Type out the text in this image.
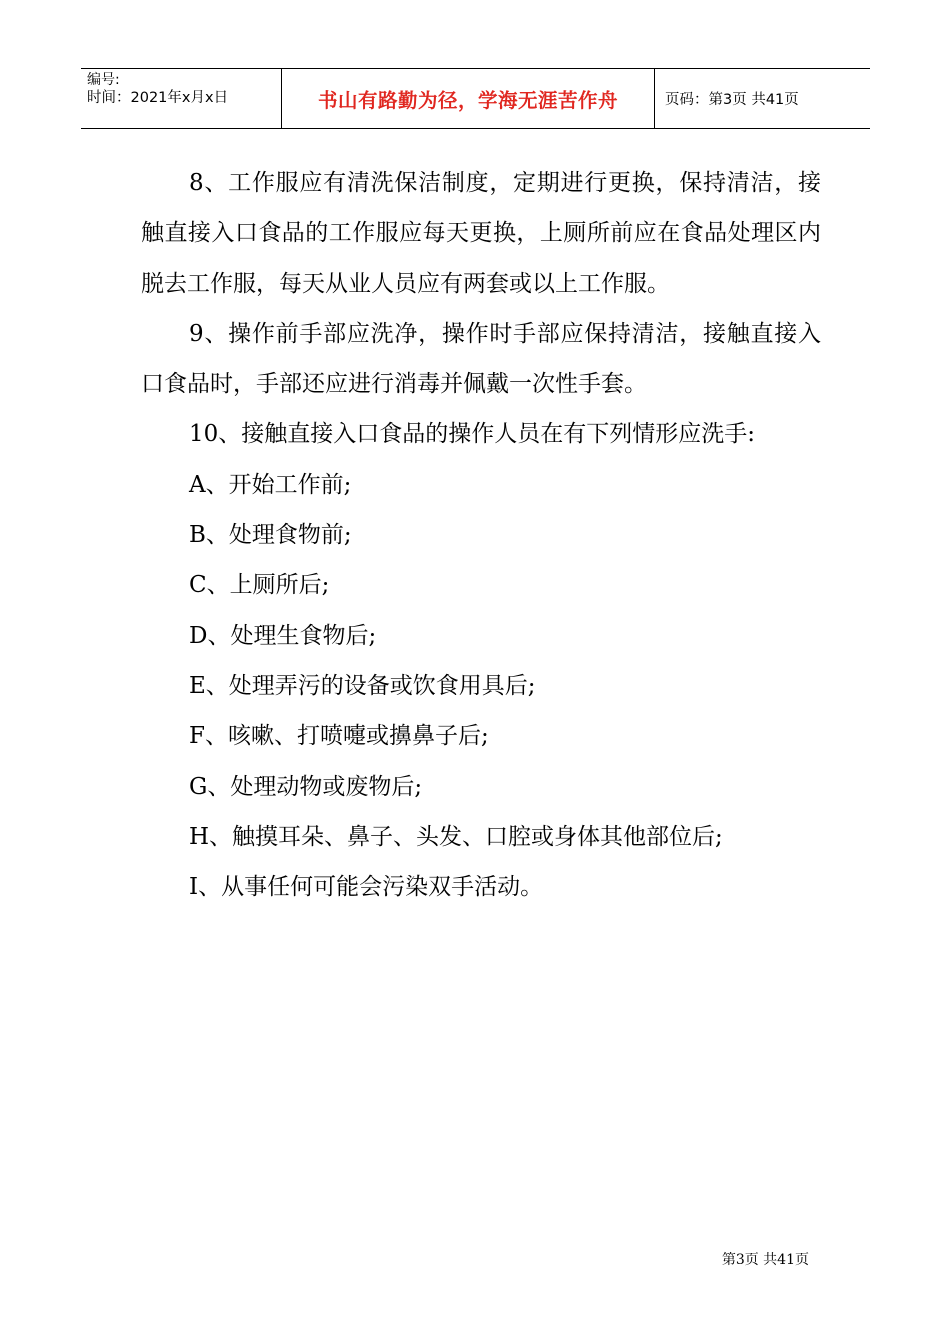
编号:
时间：2021年x月x日	书山有路勤为径，学海无涯苦作舟	页码：第3页 共41页

8、工作服应有清洗保洁制度，定期进行更换，保持清洁，接触直接入口食品的工作服应每天更换，上厕所前应在食品处理区内脱去工作服，每天从业人员应有两套或以上工作服。

9、操作前手部应洗净，操作时手部应保持清洁，接触直接入口食品时，手部还应进行消毒并佩戴一次性手套。

10、接触直接入口食品的操作人员在有下列情形应洗手:

A、开始工作前;

B、处理食物前;

C、上厕所后;

D、处理生食物后;

E、处理弄污的设备或饮食用具后;

F、咳嗽、打喷嚏或擤鼻子后;

G、处理动物或废物后;

H、触摸耳朵、鼻子、头发、口腔或身体其他部位后;

I、从事任何可能会污染双手活动。

第3页 共41页
